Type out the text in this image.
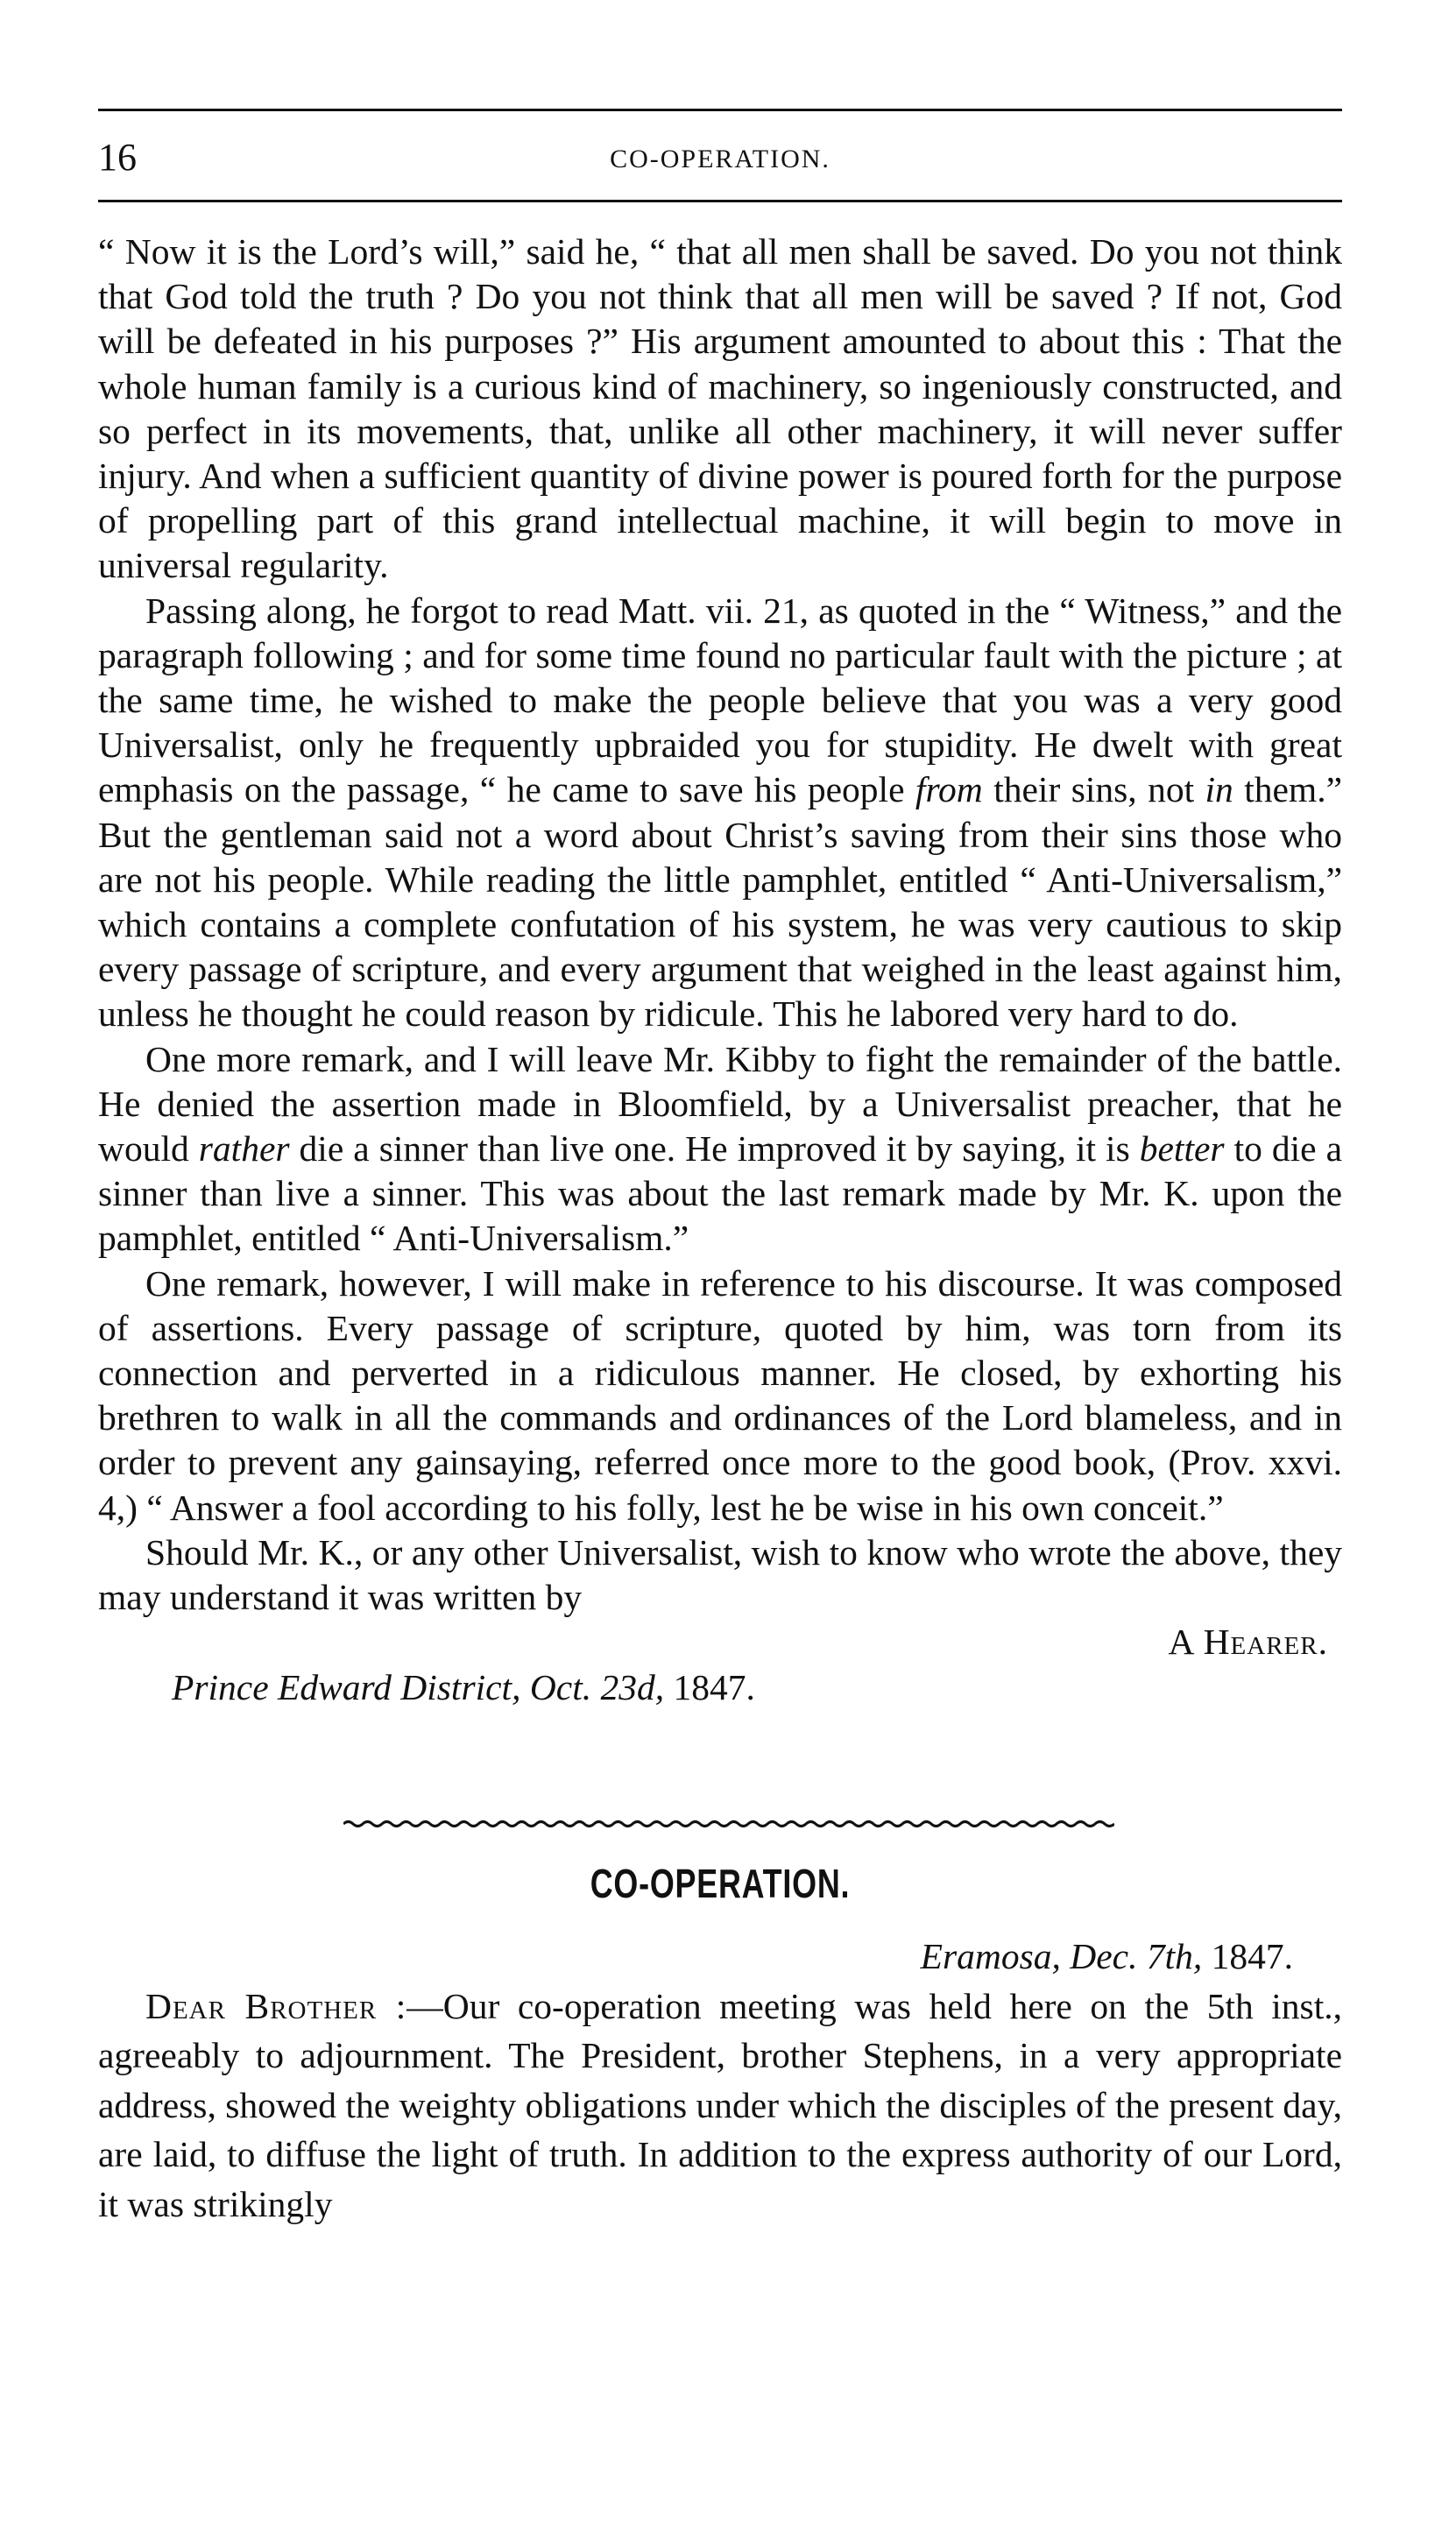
16	CO-OPERATION.

“ Now it is the Lord’s will,” said he, “ that all men shall be saved. Do you not think that God told the truth ? Do you not think that all men will be saved ? If not, God will be defeated in his purposes ?” His argument amounted to about this : That the whole human family is a curious kind of machinery, so ingeniously constructed, and so perfect in its movements, that, unlike all other machinery, it will never suffer injury. And when a sufficient quantity of divine power is poured forth for the purpose of propelling part of this grand intellectual machine, it will begin to move in universal regularity.

Passing along, he forgot to read Matt. vii. 21, as quoted in the “ Witness,” and the paragraph following ; and for some time found no particular fault with the picture ; at the same time, he wished to make the people believe that you was a very good Universalist, only he frequently upbraided you for stupidity. He dwelt with great emphasis on the passage, “ he came to save his people from their sins, not in them.” But the gentleman said not a word about Christ’s saving from their sins those who are not his people. While reading the little pamphlet, entitled “ Anti-Universalism,” which contains a complete confutation of his system, he was very cautious to skip every passage of scripture, and every argument that weighed in the least against him, unless he thought he could reason by ridicule. This he labored very hard to do.

One more remark, and I will leave Mr. Kibby to fight the remainder of the battle. He denied the assertion made in Bloomfield, by a Universalist preacher, that he would rather die a sinner than live one. He improved it by saying, it is better to die a sinner than live a sinner. This was about the last remark made by Mr. K. upon the pamphlet, entitled “ Anti-Universalism.”

One remark, however, I will make in reference to his discourse. It was composed of assertions. Every passage of scripture, quoted by him, was torn from its connection and perverted in a ridiculous manner. He closed, by exhorting his brethren to walk in all the commands and ordinances of the Lord blameless, and in order to prevent any gainsaying, referred once more to the good book, (Prov. xxvi. 4,) “ Answer a fool according to his folly, lest he be wise in his own conceit.”

Should Mr. K., or any other Universalist, wish to know who wrote the above, they may understand it was written by

A Hearer.

Prince Edward District, Oct. 23d, 1847.

CO-OPERATION.

Eramosa, Dec. 7th, 1847.

Dear Brother :—Our co-operation meeting was held here on the 5th inst., agreeably to adjournment. The President, brother Stephens, in a very appropriate address, showed the weighty obligations under which the disciples of the present day, are laid, to diffuse the light of truth. In addition to the express authority of our Lord, it was strikingly
